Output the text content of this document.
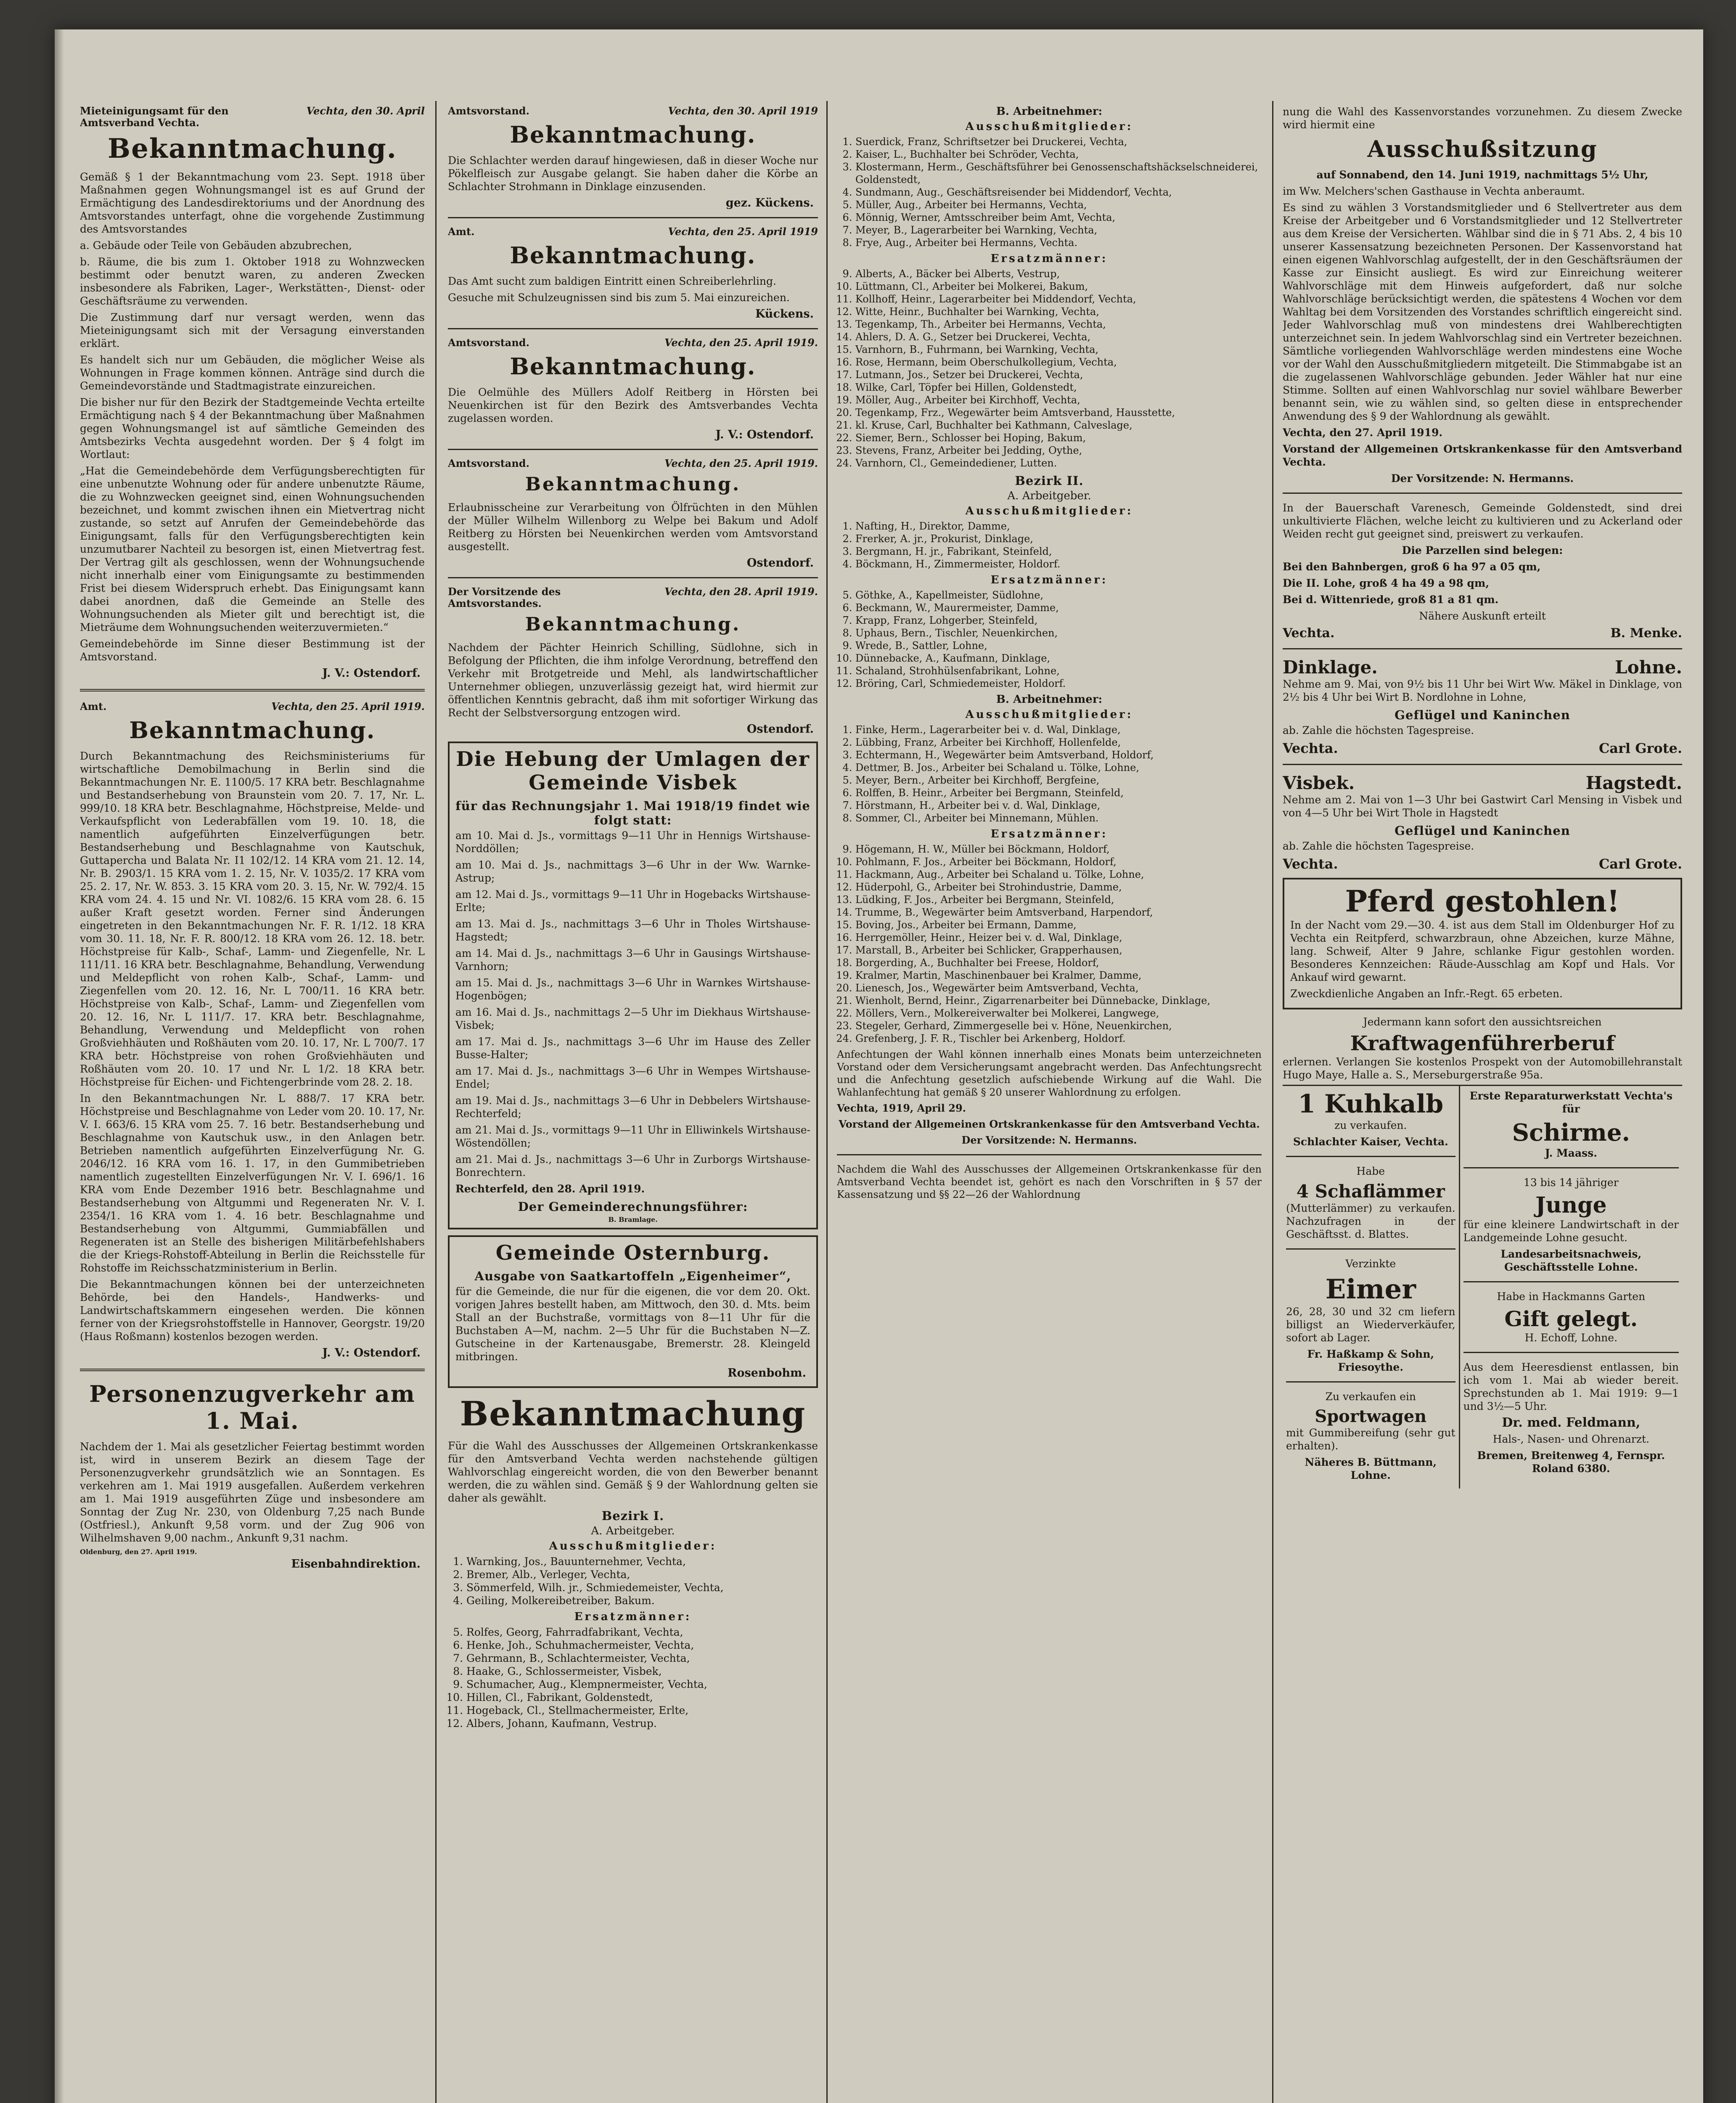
Mieteinigungsamt für den Amtsverband Vechta.
Vechta, den 30. April
Bekanntmachung.

Gemäß § 1 der Bekanntmachung vom 23. Sept. 1918 über Maßnahmen gegen Wohnungsmangel ist es auf Grund der Ermächtigung des Landesdirektoriums und der Anordnung des Amtsvorstandes unterfagt, ohne die vorgehende Zustimmung des Amtsvorstandes

a. Gebäude oder Teile von Gebäuden abzubrechen,

b. Räume, die bis zum 1. Oktober 1918 zu Wohnzwecken bestimmt oder benutzt waren, zu anderen Zwecken insbesondere als Fabriken, Lager-, Werkstätten-, Dienst- oder Geschäftsräume zu verwenden.

Die Zustimmung darf nur versagt werden, wenn das Mieteinigungsamt sich mit der Versagung einverstanden erklärt.

Es handelt sich nur um Gebäuden, die möglicher Weise als Wohnungen in Frage kommen können. Anträge sind durch die Gemeindevorstände und Stadtmagistrate einzureichen.

Die bisher nur für den Bezirk der Stadtgemeinde Vechta erteilte Ermächtigung nach § 4 der Bekanntmachung über Maßnahmen gegen Wohnungsmangel ist auf sämtliche Gemeinden des Amtsbezirks Vechta ausgedehnt worden. Der § 4 folgt im Wortlaut:

„Hat die Gemeindebehörde dem Verfügungsberechtigten für eine unbenutzte Wohnung oder für andere unbenutzte Räume, die zu Wohnzwecken geeignet sind, einen Wohnungsuchenden bezeichnet, und kommt zwischen ihnen ein Mietvertrag nicht zustande, so setzt auf Anrufen der Gemeindebehörde das Einigungsamt, falls für den Verfügungsberechtigten kein unzumutbarer Nachteil zu besorgen ist, einen Mietvertrag fest. Der Vertrag gilt als geschlossen, wenn der Wohnungsuchende nicht innerhalb einer vom Einigungsamte zu bestimmenden Frist bei diesem Widerspruch erhebt. Das Einigungsamt kann dabei anordnen, daß die Gemeinde an Stelle des Wohnungsuchenden als Mieter gilt und berechtigt ist, die Mieträume dem Wohnungsuchenden weiterzuvermieten.“

Gemeindebehörde im Sinne dieser Bestimmung ist der Amtsvorstand.

J. V.: Ostendorf.
Amt.	Vechta, den 25. April 1919.
Bekanntmachung.

Durch Bekanntmachung des Reichsministeriums für wirtschaftliche Demobilmachung in Berlin sind die Bekanntmachungen Nr. E. 1100/5. 17 KRA betr. Beschlagnahme und Bestandserhebung von Braunstein vom 20. 7. 17, Nr. L. 999/10. 18 KRA betr. Beschlagnahme, Höchstpreise, Melde- und Verkaufspflicht von Lederabfällen vom 19. 10. 18, die namentlich aufgeführten Einzelverfügungen betr. Bestandserhebung und Beschlagnahme von Kautschuk, Guttapercha und Balata Nr. I1 102/12. 14 KRA vom 21. 12. 14, Nr. B. 2903/1. 15 KRA vom 1. 2. 15, Nr. V. 1035/2. 17 KRA vom 25. 2. 17, Nr. W. 853. 3. 15 KRA vom 20. 3. 15, Nr. W. 792/4. 15 KRA vom 24. 4. 15 und Nr. VI. 1082/6. 15 KRA vom 28. 6. 15 außer Kraft gesetzt worden. Ferner sind Änderungen eingetreten in den Bekanntmachungen Nr. F. R. 1/12. 18 KRA vom 30. 11. 18, Nr. F. R. 800/12. 18 KRA vom 26. 12. 18. betr. Höchstpreise für Kalb-, Schaf-, Lamm- und Ziegenfelle, Nr. L 111/11. 16 KRA betr. Beschlagnahme, Behandlung, Verwendung und Meldepflicht von rohen Kalb-, Schaf-, Lamm- und Ziegenfellen vom 20. 12. 16, Nr. L 700/11. 16 KRA betr. Höchstpreise von Kalb-, Schaf-, Lamm- und Ziegenfellen vom 20. 12. 16, Nr. L 111/7. 17. KRA betr. Beschlagnahme, Behandlung, Verwendung und Meldepflicht von rohen Großviehhäuten und Roßhäuten vom 20. 10. 17, Nr. L 700/7. 17 KRA betr. Höchstpreise von rohen Großviehhäuten und Roßhäuten vom 20. 10. 17 und Nr. L 1/2. 18 KRA betr. Höchstpreise für Eichen- und Fichtengerbrinde vom 28. 2. 18.

In den Bekanntmachungen Nr. L 888/7. 17 KRA betr. Höchstpreise und Beschlagnahme von Leder vom 20. 10. 17, Nr. V. I. 663/6. 15 KRA vom 25. 7. 16 betr. Bestandserhebung und Beschlagnahme von Kautschuk usw., in den Anlagen betr. Betrieben namentlich aufgeführten Einzelverfügung Nr. G. 2046/12. 16 KRA vom 16. 1. 17, in den Gummibetrieben namentlich zugestellten Einzelverfügungen Nr. V. I. 696/1. 16 KRA vom Ende Dezember 1916 betr. Beschlagnahme und Bestandserhebung von Altgummi und Regeneraten Nr. V. I. 2354/1. 16 KRA vom 1. 4. 16 betr. Beschlagnahme und Bestandserhebung von Altgummi, Gummiabfällen und Regeneraten ist an Stelle des bisherigen Militärbefehlshabers die der Kriegs-Rohstoff-Abteilung in Berlin die Reichsstelle für Rohstoffe im Reichsschatzministerium in Berlin.

Die Bekanntmachungen können bei der unterzeichneten Behörde, bei den Handels-, Handwerks- und Landwirtschaftskammern eingesehen werden. Die können ferner von der Kriegsrohstoffstelle in Hannover, Georgstr. 19/20 (Haus Roßmann) kostenlos bezogen werden.

J. V.: Ostendorf.
Personenzugverkehr am 1. Mai.

Nachdem der 1. Mai als gesetzlicher Feiertag bestimmt worden ist, wird in unserem Bezirk an diesem Tage der Personenzugverkehr grundsätzlich wie an Sonntagen. Es verkehren am 1. Mai 1919 ausgefallen. Außerdem verkehren am 1. Mai 1919 ausgeführten Züge und insbesondere am Sonntag der Zug Nr. 230, von Oldenburg 7,25 nach Bunde (Ostfriesl.), Ankunft 9,58 vorm. und der Zug 906 von Wilhelmshaven 9,00 nachm., Ankunft 9,31 nachm.

Oldenburg, den 27. April 1919.
Eisenbahndirektion.
Amtsvorstand.	Vechta, den 30. April 1919
Bekanntmachung.

Die Schlachter werden darauf hingewiesen, daß in dieser Woche nur Pökelfleisch zur Ausgabe gelangt. Sie haben daher die Körbe an Schlachter Strohmann in Dinklage einzusenden.

gez. Kückens.
Amt.	Vechta, den 25. April 1919
Bekanntmachung.

Das Amt sucht zum baldigen Eintritt einen Schreiberlehrling.

Gesuche mit Schulzeugnissen sind bis zum 5. Mai einzureichen.

Kückens.
Amtsvorstand.	Vechta, den 25. April 1919.
Bekanntmachung.

Die Oelmühle des Müllers Adolf Reitberg in Hörsten bei Neuenkirchen ist für den Bezirk des Amtsverbandes Vechta zugelassen worden.

J. V.: Ostendorf.
Amtsvorstand.	Vechta, den 25. April 1919.
Bekanntmachung.

Erlaubnisscheine zur Verarbeitung von Ölfrüchten in den Mühlen der Müller Wilhelm Willenborg zu Welpe bei Bakum und Adolf Reitberg zu Hörsten bei Neuenkirchen werden vom Amtsvorstand ausgestellt.

Ostendorf.
Der Vorsitzende des Amtsvorstandes.
Vechta, den 28. April 1919.
Bekanntmachung.

Nachdem der Pächter Heinrich Schilling, Südlohne, sich in Befolgung der Pflichten, die ihm infolge Verordnung, betreffend den Verkehr mit Brotgetreide und Mehl, als landwirtschaftlicher Unternehmer obliegen, unzuverlässig gezeigt hat, wird hiermit zur öffentlichen Kenntnis gebracht, daß ihm mit sofortiger Wirkung das Recht der Selbstversorgung entzogen wird.

Ostendorf.
Die Hebung der Umlagen der Gemeinde Visbek
für das Rechnungsjahr 1. Mai 1918/19 findet wie folgt statt:

am 10. Mai d. Js., vormittags 9—11 Uhr in Hennigs Wirtshause-Norddöllen;

am 10. Mai d. Js., nachmittags 3—6 Uhr in der Ww. Warnke-Astrup;

am 12. Mai d. Js., vormittags 9—11 Uhr in Hogebacks Wirtshause-Erlte;

am 13. Mai d. Js., nachmittags 3—6 Uhr in Tholes Wirtshause-Hagstedt;

am 14. Mai d. Js., nachmittags 3—6 Uhr in Gausings Wirtshause-Varnhorn;

am 15. Mai d. Js., nachmittags 3—6 Uhr in Warnkes Wirtshause-Hogenbögen;

am 16. Mai d. Js., nachmittags 2—5 Uhr im Diekhaus Wirtshause-Visbek;

am 17. Mai d. Js., nachmittags 3—6 Uhr im Hause des Zeller Busse-Halter;

am 17. Mai d. Js., nachmittags 3—6 Uhr in Wempes Wirtshause-Endel;

am 19. Mai d. Js., nachmittags 3—6 Uhr in Debbelers Wirtshause-Rechterfeld;

am 21. Mai d. Js., vormittags 9—11 Uhr in Elliwinkels Wirtshause-Wöstendöllen;

am 21. Mai d. Js., nachmittags 3—6 Uhr in Zurborgs Wirtshause-Bonrechtern.

Rechterfeld, den 28. April 1919.

Der Gemeinderechnungsführer:
B. Bramlage.
Gemeinde Osternburg.
Ausgabe von Saatkartoffeln „Eigenheimer“,

für die Gemeinde, die nur für die eigenen, die vor dem 20. Okt. vorigen Jahres bestellt haben, am Mittwoch, den 30. d. Mts. beim Stall an der Buchstraße, vormittags von 8—11 Uhr für die Buchstaben A—M, nachm. 2—5 Uhr für die Buchstaben N—Z. Gutscheine in der Kartenausgabe, Bremerstr. 28. Kleingeld mitbringen.

Rosenbohm.
Bekanntmachung

Für die Wahl des Ausschusses der Allgemeinen Ortskrankenkasse für den Amtsverband Vechta werden nachstehende gültigen Wahlvorschlag eingereicht worden, die von den Bewerber benannt werden, die zu wählen sind. Gemäß § 9 der Wahlordnung gelten sie daher als gewählt.

Bezirk I.
A. Arbeitgeber.
Ausschußmitglieder:
1. Warnking, Jos., Bauunternehmer, Vechta,
2. Bremer, Alb., Verleger, Vechta,
3. Sömmerfeld, Wilh. jr., Schmiedemeister, Vechta,
4. Geiling, Molkereibetreiber, Bakum.
Ersatzmänner:
5. Rolfes, Georg, Fahrradfabrikant, Vechta,
6. Henke, Joh., Schuhmachermeister, Vechta,
7. Gehrmann, B., Schlachtermeister, Vechta,
8. Haake, G., Schlossermeister, Visbek,
9. Schumacher, Aug., Klempnermeister, Vechta,
10. Hillen, Cl., Fabrikant, Goldenstedt,
11. Hogeback, Cl., Stellmachermeister, Erlte,
12. Albers, Johann, Kaufmann, Vestrup.
B. Arbeitnehmer:
Ausschußmitglieder:
1. Suerdick, Franz, Schriftsetzer bei Druckerei, Vechta,
2. Kaiser, L., Buchhalter bei Schröder, Vechta,
3. Klostermann, Herm., Geschäftsführer bei Genossenschaftshäckselschneiderei, Goldenstedt,
4. Sundmann, Aug., Geschäftsreisender bei Middendorf, Vechta,
5. Müller, Aug., Arbeiter bei Hermanns, Vechta,
6. Mönnig, Werner, Amtsschreiber beim Amt, Vechta,
7. Meyer, B., Lagerarbeiter bei Warnking, Vechta,
8. Frye, Aug., Arbeiter bei Hermanns, Vechta.
Ersatzmänner:
9. Alberts, A., Bäcker bei Alberts, Vestrup,
10. Lüttmann, Cl., Arbeiter bei Molkerei, Bakum,
11. Kollhoff, Heinr., Lagerarbeiter bei Middendorf, Vechta,
12. Witte, Heinr., Buchhalter bei Warnking, Vechta,
13. Tegenkamp, Th., Arbeiter bei Hermanns, Vechta,
14. Ahlers, D. A. G., Setzer bei Druckerei, Vechta,
15. Varnhorn, B., Fuhrmann, bei Warnking, Vechta,
16. Rose, Hermann, beim Oberschulkollegium, Vechta,
17. Lutmann, Jos., Setzer bei Druckerei, Vechta,
18. Wilke, Carl, Töpfer bei Hillen, Goldenstedt,
19. Möller, Aug., Arbeiter bei Kirchhoff, Vechta,
20. Tegenkamp, Frz., Wegewärter beim Amtsverband, Hausstette,
21. kl. Kruse, Carl, Buchhalter bei Kathmann, Calveslage,
22. Siemer, Bern., Schlosser bei Hoping, Bakum,
23. Stevens, Franz, Arbeiter bei Jedding, Oythe,
24. Varnhorn, Cl., Gemeindediener, Lutten.
Bezirk II.
A. Arbeitgeber.
Ausschußmitglieder:
1. Nafting, H., Direktor, Damme,
2. Frerker, A. jr., Prokurist, Dinklage,
3. Bergmann, H. jr., Fabrikant, Steinfeld,
4. Böckmann, H., Zimmermeister, Holdorf.
Ersatzmänner:
5. Göthke, A., Kapellmeister, Südlohne,
6. Beckmann, W., Maurermeister, Damme,
7. Krapp, Franz, Lohgerber, Steinfeld,
8. Uphaus, Bern., Tischler, Neuenkirchen,
9. Wrede, B., Sattler, Lohne,
10. Dünnebacke, A., Kaufmann, Dinklage,
11. Schaland, Strohhülsenfabrikant, Lohne,
12. Bröring, Carl, Schmiedemeister, Holdorf.
B. Arbeitnehmer:
Ausschußmitglieder:
1. Finke, Herm., Lagerarbeiter bei v. d. Wal, Dinklage,
2. Lübbing, Franz, Arbeiter bei Kirchhoff, Hollenfelde,
3. Echtermann, H., Wegewärter beim Amtsverband, Holdorf,
4. Dettmer, B. Jos., Arbeiter bei Schaland u. Tölke, Lohne,
5. Meyer, Bern., Arbeiter bei Kirchhoff, Bergfeine,
6. Rolffen, B. Heinr., Arbeiter bei Bergmann, Steinfeld,
7. Hörstmann, H., Arbeiter bei v. d. Wal, Dinklage,
8. Sommer, Cl., Arbeiter bei Minnemann, Mühlen.
Ersatzmänner:
9. Högemann, H. W., Müller bei Böckmann, Holdorf,
10. Pohlmann, F. Jos., Arbeiter bei Böckmann, Holdorf,
11. Hackmann, Aug., Arbeiter bei Schaland u. Tölke, Lohne,
12. Hüderpohl, G., Arbeiter bei Strohindustrie, Damme,
13. Lüdking, F. Jos., Arbeiter bei Bergmann, Steinfeld,
14. Trumme, B., Wegewärter beim Amtsverband, Harpendorf,
15. Boving, Jos., Arbeiter bei Ermann, Damme,
16. Herrgemöller, Heinr., Heizer bei v. d. Wal, Dinklage,
17. Marstall, B., Arbeiter bei Schlicker, Grapperhausen,
18. Borgerding, A., Buchhalter bei Freese, Holdorf,
19. Kralmer, Martin, Maschinenbauer bei Kralmer, Damme,
20. Lienesch, Jos., Wegewärter beim Amtsverband, Vechta,
21. Wienholt, Bernd, Heinr., Zigarrenarbeiter bei Dünnebacke, Dinklage,
22. Möllers, Vern., Molkereiverwalter bei Molkerei, Langwege,
23. Stegeler, Gerhard, Zimmergeselle bei v. Höne, Neuenkirchen,
24. Grefenberg, J. F. R., Tischler bei Arkenberg, Holdorf.

Anfechtungen der Wahl können innerhalb eines Monats beim unterzeichneten Vorstand oder dem Versicherungsamt angebracht werden. Das Anfechtungsrecht und die Anfechtung gesetzlich aufschiebende Wirkung auf die Wahl. Die Wahlanfechtung hat gemäß § 20 unserer Wahlordnung zu erfolgen.

Vechta, 1919, April 29.

Vorstand der Allgemeinen Ortskrankenkasse für den Amtsverband Vechta.

Der Vorsitzende: N. Hermanns.

Nachdem die Wahl des Ausschusses der Allgemeinen Ortskrankenkasse für den Amtsverband Vechta beendet ist, gehört es nach den Vorschriften in § 57 der Kassensatzung und §§ 22—26 der Wahlordnung

nung die Wahl des Kassenvorstandes vorzunehmen. Zu diesem Zwecke wird hiermit eine

Ausschußsitzung

auf Sonnabend, den 14. Juni 1919, nachmittags 5½ Uhr,

im Ww. Melchers'schen Gasthause in Vechta anberaumt.

Es sind zu wählen 3 Vorstandsmitglieder und 6 Stellvertreter aus dem Kreise der Arbeitgeber und 6 Vorstandsmitglieder und 12 Stellvertreter aus dem Kreise der Versicherten. Wählbar sind die in § 71 Abs. 2, 4 bis 10 unserer Kassensatzung bezeichneten Personen. Der Kassenvorstand hat einen eigenen Wahlvorschlag aufgestellt, der in den Geschäftsräumen der Kasse zur Einsicht ausliegt. Es wird zur Einreichung weiterer Wahlvorschläge mit dem Hinweis aufgefordert, daß nur solche Wahlvorschläge berücksichtigt werden, die spätestens 4 Wochen vor dem Wahltag bei dem Vorsitzenden des Vorstandes schriftlich eingereicht sind. Jeder Wahlvorschlag muß von mindestens drei Wahlberechtigten unterzeichnet sein. In jedem Wahlvorschlag sind ein Vertreter bezeichnen. Sämtliche vorliegenden Wahlvorschläge werden mindestens eine Woche vor der Wahl den Ausschußmitgliedern mitgeteilt. Die Stimmabgabe ist an die zugelassenen Wahlvorschläge gebunden. Jeder Wähler hat nur eine Stimme. Sollten auf einen Wahlvorschlag nur soviel wählbare Bewerber benannt sein, wie zu wählen sind, so gelten diese in entsprechender Anwendung des § 9 der Wahlordnung als gewählt.

Vechta, den 27. April 1919.

Vorstand der Allgemeinen Ortskrankenkasse für den Amtsverband Vechta.

Der Vorsitzende: N. Hermanns.

In der Bauerschaft Varenesch, Gemeinde Goldenstedt, sind drei unkultivierte Flächen, welche leicht zu kultivieren und zu Ackerland oder Weiden recht gut geeignet sind, preiswert zu verkaufen.

Die Parzellen sind belegen:

Bei den Bahnbergen, groß 6 ha 97 a 05 qm,

Die II. Lohe, groß 4 ha 49 a 98 qm,

Bei d. Wittenriede, groß 81 a 81 qm.

Nähere Auskunft erteilt

Vechta.	B. Menke.
Dinklage.	Lohne.

Nehme am 9. Mai, von 9½ bis 11 Uhr bei Wirt Ww. Mäkel in Dinklage, von 2½ bis 4 Uhr bei Wirt B. Nordlohne in Lohne,

Geflügel und Kaninchen

ab. Zahle die höchsten Tagespreise.

Vechta.	Carl Grote.
Visbek.	Hagstedt.

Nehme am 2. Mai von 1—3 Uhr bei Gastwirt Carl Mensing in Visbek und von 4—5 Uhr bei Wirt Thole in Hagstedt

Geflügel und Kaninchen

ab. Zahle die höchsten Tagespreise.

Vechta.	Carl Grote.
Pferd gestohlen!

In der Nacht vom 29.—30. 4. ist aus dem Stall im Oldenburger Hof zu Vechta ein Reitpferd, schwarzbraun, ohne Abzeichen, kurze Mähne, lang. Schweif, Alter 9 Jahre, schlanke Figur gestohlen worden. Besonderes Kennzeichen: Räude-Ausschlag am Kopf und Hals. Vor Ankauf wird gewarnt.

Zweckdienliche Angaben an Infr.-Regt. 65 erbeten.

Jedermann kann sofort den aussichtsreichen

Kraftwagenführerberuf

erlernen. Verlangen Sie kostenlos Prospekt von der Automobillehranstalt Hugo Maye, Halle a. S., Merseburgerstraße 95a.

1 Kuhkalb

zu verkaufen.

Schlachter Kaiser, Vechta.

Habe

4 Schaflämmer

(Mutterlämmer) zu verkaufen. Nachzufragen in der Geschäftsst. d. Blattes.

Verzinkte

Eimer

26, 28, 30 und 32 cm liefern billigst an Wiederverkäufer, sofort ab Lager.

Fr. Haßkamp & Sohn, Friesoythe.

Zu verkaufen ein

Sportwagen

mit Gummibereifung (sehr gut erhalten).

Näheres B. Büttmann, Lohne.

Erste Reparaturwerkstatt Vechta's für

Schirme.

J. Maass.

13 bis 14 jähriger

Junge

für eine kleinere Landwirtschaft in der Landgemeinde Lohne gesucht.

Landesarbeitsnachweis, Geschäftsstelle Lohne.

Habe in Hackmanns Garten

Gift gelegt.

H. Echoff, Lohne.

Aus dem Heeresdienst entlassen, bin ich vom 1. Mai ab wieder bereit. Sprechstunden ab 1. Mai 1919: 9—1 und 3½—5 Uhr.

Dr. med. Feldmann,

Hals-, Nasen- und Ohrenarzt.

Bremen, Breitenweg 4, Fernspr. Roland 6380.
